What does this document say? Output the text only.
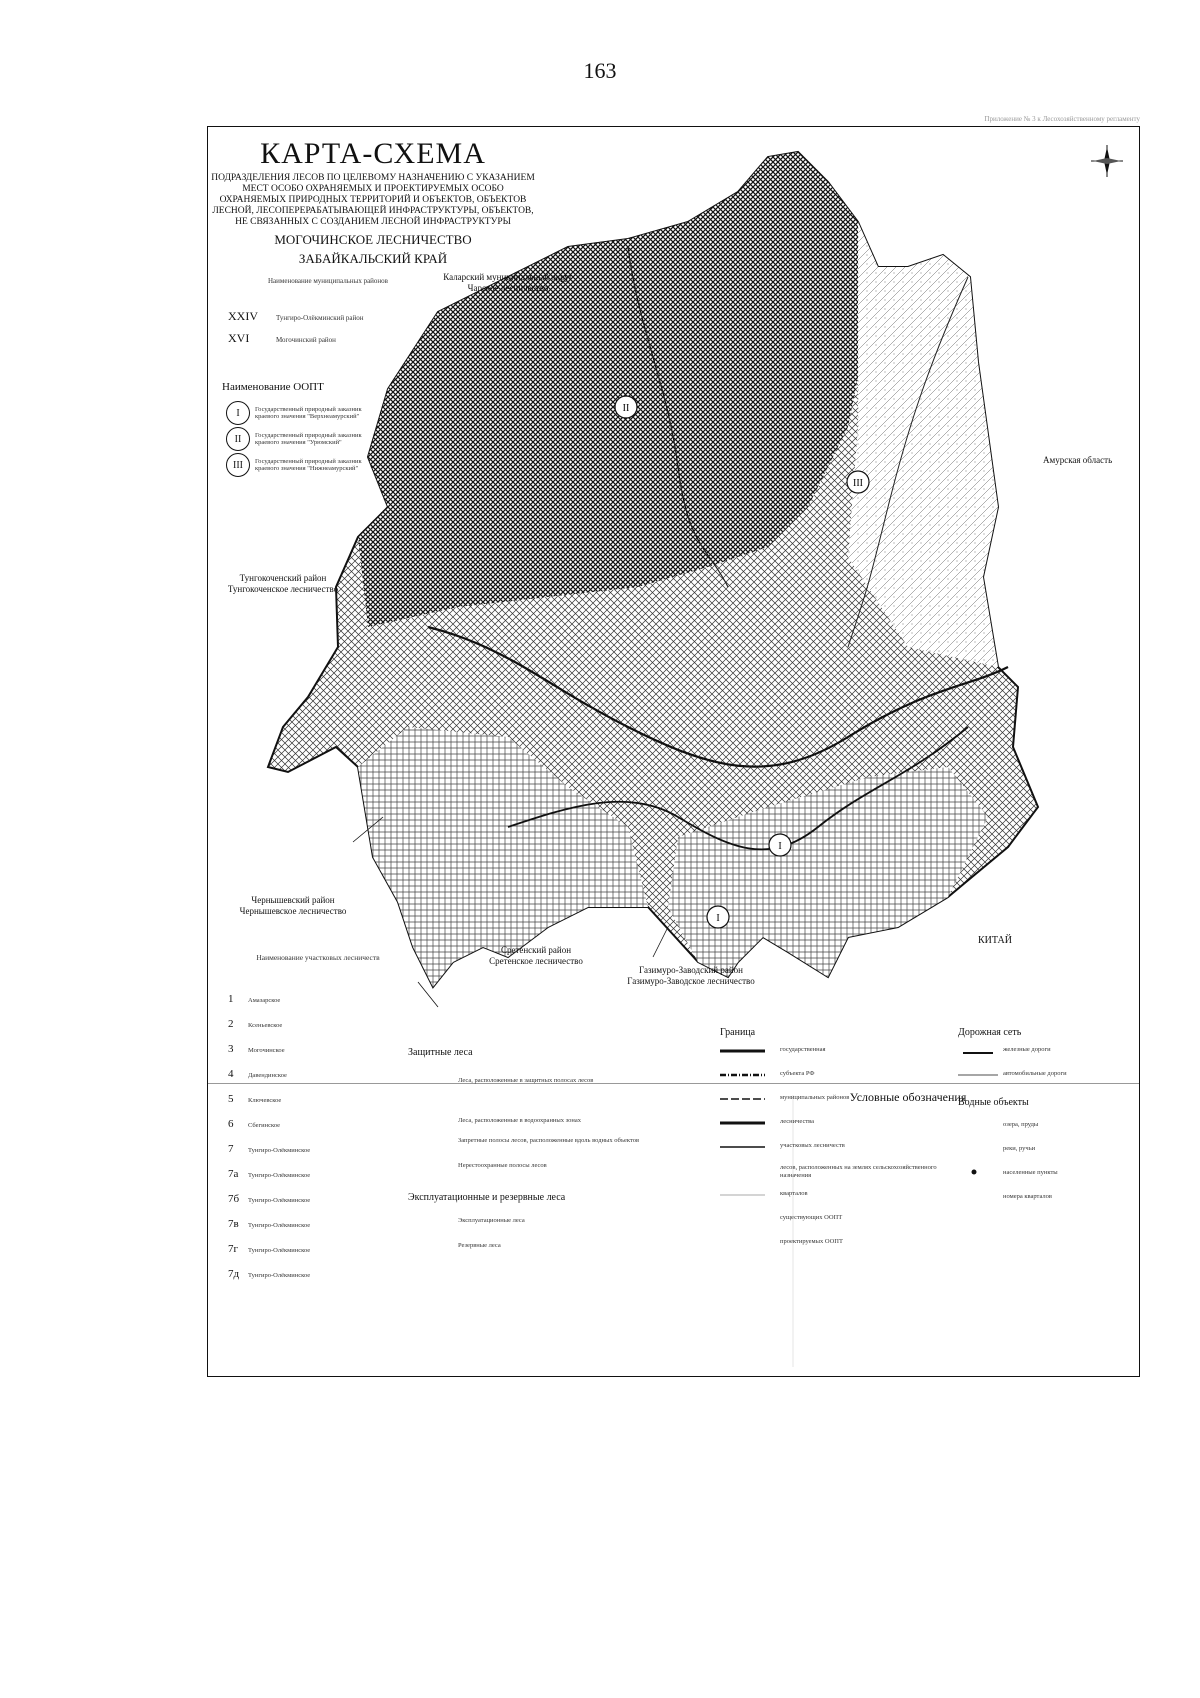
163
Приложение № 3 к Лесохозяйственному регламенту
III
II
I
I
КАРТА-СХЕМА
ПОДРАЗДЕЛЕНИЯ ЛЕСОВ ПО ЦЕЛЕВОМУ НАЗНАЧЕНИЮ С УКАЗАНИЕМ МЕСТ ОСОБО ОХРАНЯЕМЫХ И ПРОЕКТИРУЕМЫХ ОСОБО ОХРАНЯЕМЫХ ПРИРОДНЫХ ТЕРРИТОРИЙ И ОБЪЕКТОВ, ОБЪЕКТОВ ЛЕСНОЙ, ЛЕСОПЕРЕРАБАТЫВАЮЩЕЙ ИНФРАСТРУКТУРЫ, ОБЪЕКТОВ, НЕ СВЯЗАННЫХ С СОЗДАНИЕМ ЛЕСНОЙ ИНФРАСТРУКТУРЫ
МОГОЧИНСКОЕ ЛЕСНИЧЕСТВО
ЗАБАЙКАЛЬСКИЙ КРАЙ
Наименование муниципальных районов
XXIV	Тунгиро-Олёкминский район
XVI	Могочинский район
Наименование ООПТ
I	Государственный природный заказник краевого значения "Верхнеамурский"
II	Государственный природный заказник краевого значения "Урюмский"
III	Государственный природный заказник краевого значения "Нижнеамурский"
Каларский муниципальный округ
Чарское лесничество
Амурская область
Тунгокоченский район
Тунгокоченское лесничество
Чернышевский район
Чернышевское лесничество
Сретенский район
Сретенское лесничество
Газимуро-Заводский район
Газимуро-Заводское лесничество
КИТАЙ
Наименование участковых лесничеств
1 Амазарское
2 Ксеньевское
3 Могочинское
4 Давендинское
5 Ключевское
6 Сбегинское
7 Тунгиро-Олёкминское
7а Тунгиро-Олёкминское
7б Тунгиро-Олёкминское
7в Тунгиро-Олёкминское
7г Тунгиро-Олёкминское
7д Тунгиро-Олёкминское
Условные обозначения
Защитные леса
Леса, расположенные в защитных полосах лесов
Леса, расположенные в водоохранных зонах
Запретные полосы лесов, расположенные вдоль водных объектов
Нерестоохранные полосы лесов
Эксплуатационные и резервные леса
Эксплуатационные леса
Резервные леса
Граница
государственная
субъекта РФ
муниципальных районов
лесничества
участковых лесничеств
лесов, расположенных на землях сельскохозяйственного назначения
кварталов
существующих ООПТ
проектируемых ООПТ
Дорожная сеть
железные дороги
автомобильные дороги
Водные объекты
озера, пруды
реки, ручьи
населенные пункты
номера кварталов
